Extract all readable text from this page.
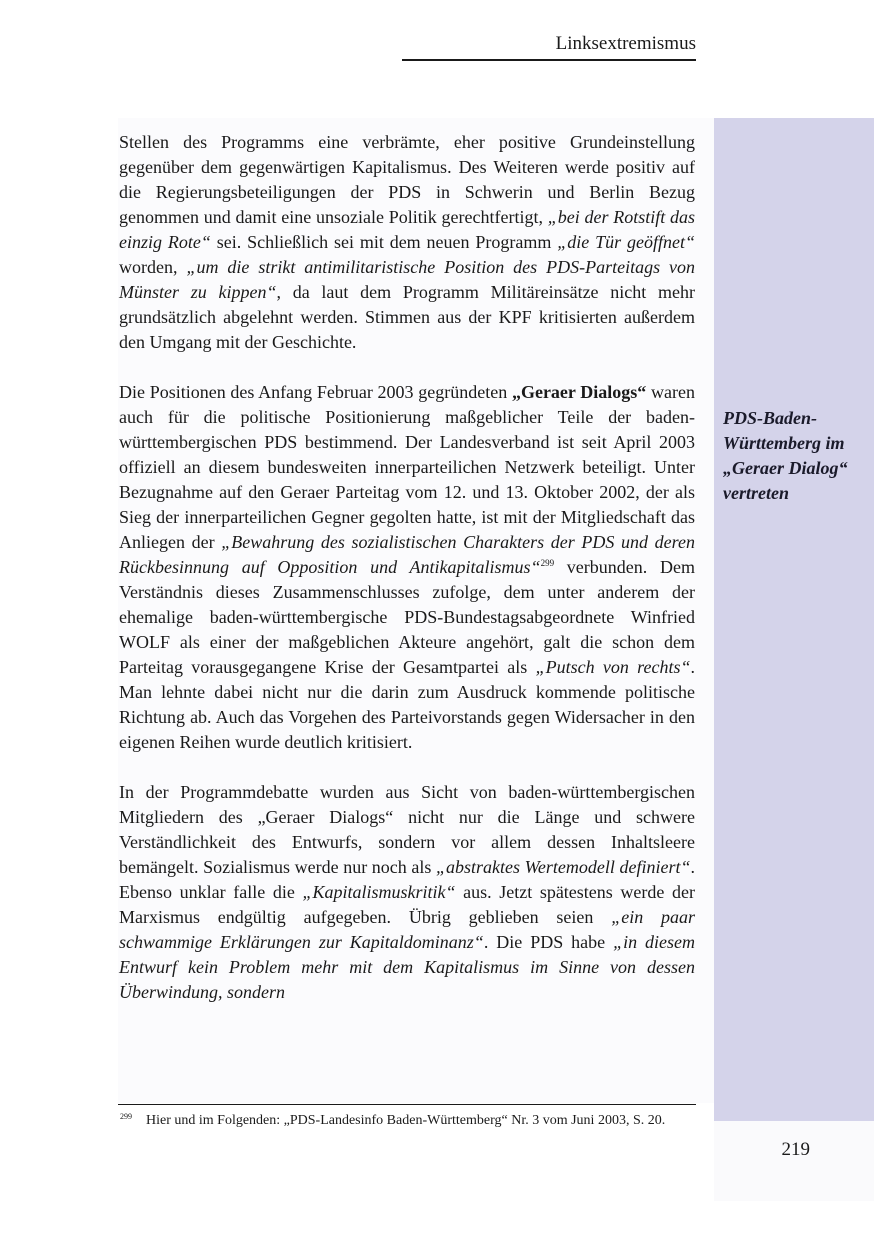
Linksextremismus
PDS-Baden-Württemberg im „Geraer Dialog“ vertreten

Stellen des Programms eine verbrämte, eher positive Grundeinstellung gegenüber dem gegenwärtigen Kapitalismus. Des Weiteren werde positiv auf die Regierungsbeteiligungen der PDS in Schwerin und Berlin Bezug genommen und damit eine unsoziale Politik gerechtfertigt, „bei der Rotstift das einzig Rote“ sei. Schließlich sei mit dem neuen Programm „die Tür geöffnet“ worden, „um die strikt antimilitaristische Position des PDS-Parteitags von Münster zu kippen“, da laut dem Programm Militäreinsätze nicht mehr grundsätzlich abgelehnt werden. Stimmen aus der KPF kritisierten außerdem den Umgang mit der Geschichte.

Die Positionen des Anfang Februar 2003 gegründeten „Geraer Dialogs“ waren auch für die politische Positionierung maßgeblicher Teile der baden-württembergischen PDS bestimmend. Der Landesverband ist seit April 2003 offiziell an diesem bundesweiten innerparteilichen Netzwerk beteiligt. Unter Bezugnahme auf den Geraer Parteitag vom 12. und 13. Oktober 2002, der als Sieg der innerparteilichen Gegner gegolten hatte, ist mit der Mitgliedschaft das Anliegen der „Bewahrung des sozialistischen Charakters der PDS und deren Rückbesinnung auf Opposition und Antikapitalismus“$^{299}$ verbunden. Dem Verständnis dieses Zusammenschlusses zufolge, dem unter anderem der ehemalige baden-württembergische PDS-Bundestagsabgeordnete Winfried WOLF als einer der maßgeblichen Akteure angehört, galt die schon dem Parteitag vorausgegangene Krise der Gesamtpartei als „Putsch von rechts“. Man lehnte dabei nicht nur die darin zum Ausdruck kommende politische Richtung ab. Auch das Vorgehen des Parteivorstands gegen Widersacher in den eigenen Reihen wurde deutlich kritisiert.

In der Programmdebatte wurden aus Sicht von baden-württembergischen Mitgliedern des „Geraer Dialogs“ nicht nur die Länge und schwere Verständlichkeit des Entwurfs, sondern vor allem dessen Inhaltsleere bemängelt. Sozialismus werde nur noch als „abstraktes Wertemodell definiert“. Ebenso unklar falle die „Kapitalismuskritik“ aus. Jetzt spätestens werde der Marxismus endgültig aufgegeben. Übrig geblieben seien „ein paar schwammige Erklärungen zur Kapitaldominanz“. Die PDS habe „in diesem Entwurf kein Problem mehr mit dem Kapitalismus im Sinne von dessen Überwindung, sondern

$^{299}$ Hier und im Folgenden: „PDS-Landesinfo Baden-Württemberg“ Nr. 3 vom Juni 2003, S. 20.
219
